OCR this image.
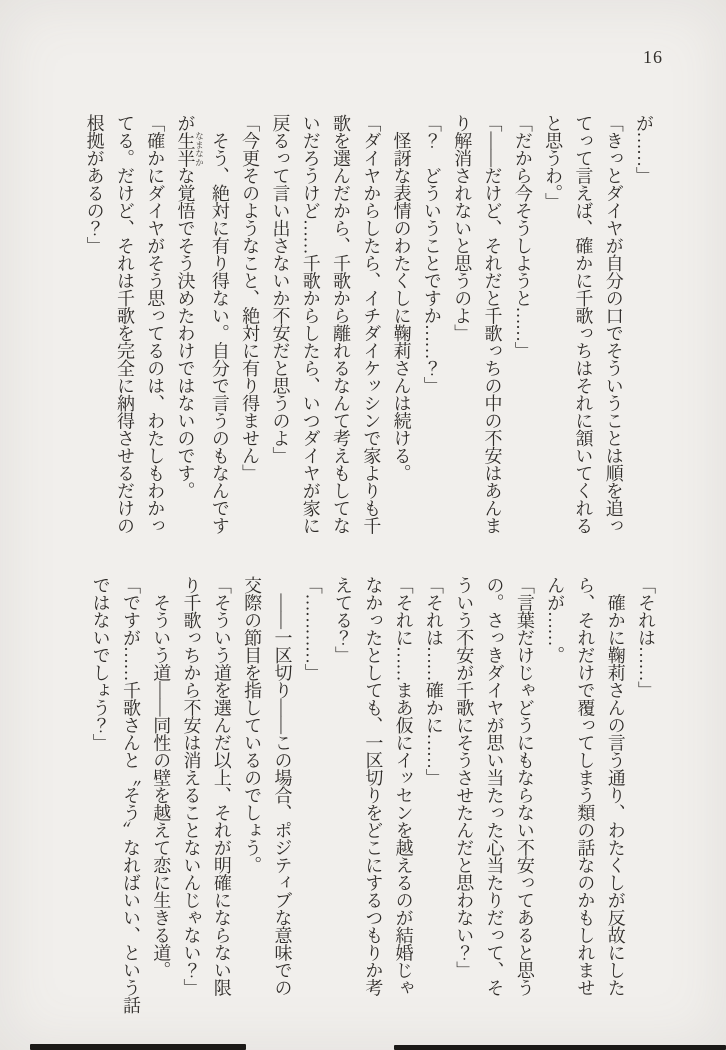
16
が……」
「きっとダイヤが自分の口でそういうことは順を追っ
てって言えば、確かに千歌っちはそれに頷いてくれる
と思うわ。」
「だから今そうしようと……」
「――だけど、それだと千歌っちの中の不安はあんま
り解消されないと思うのよ」
「？　どういうことですか……？」
　怪訝な表情のわたくしに鞠莉さんは続ける。
「ダイヤからしたら、イチダイケッシンで家よりも千
歌を選んだから、千歌から離れるなんて考えもしてな
いだろうけど……千歌からしたら、いつダイヤが家に
戻るって言い出さないか不安だと思うのよ」
「今更そのようなこと、絶対に有り得ません」
　そう、絶対に有り得ない。自分で言うのもなんです
が生半 なまなかな覚悟でそう決めたわけではないのです。
「確かにダイヤがそう思ってるのは、わたしもわかっ
てる。だけど、それは千歌を完全に納得させるだけの
根拠があるの？」
「それは……」
　確かに鞠莉さんの言う通り、わたくしが反故にした
ら、それだけで覆ってしまう類の話なのかもしれませ
んが……。
「言葉だけじゃどうにもならない不安ってあると思う
の。さっきダイヤが思い当たった心当たりだって、そ
ういう不安が千歌にそうさせたんだと思わない？」
「それは……確かに……」
「それに……まあ仮にイッセンを越えるのが結婚じゃ
なかったとしても、一区切りをどこにするつもりか考
えてる？」
「…………」
　――一区切り――この場合、ポジティブな意味での
交際の節目を指しているのでしょう。
「そういう道を選んだ以上、それが明確にならない限
り千歌っちから不安は消えることないんじゃない？」
　そういう道――同性の壁を越えて恋に生きる道。
「ですが……千歌さんと〝そう〟なればいい、という話
ではないでしょう？」
